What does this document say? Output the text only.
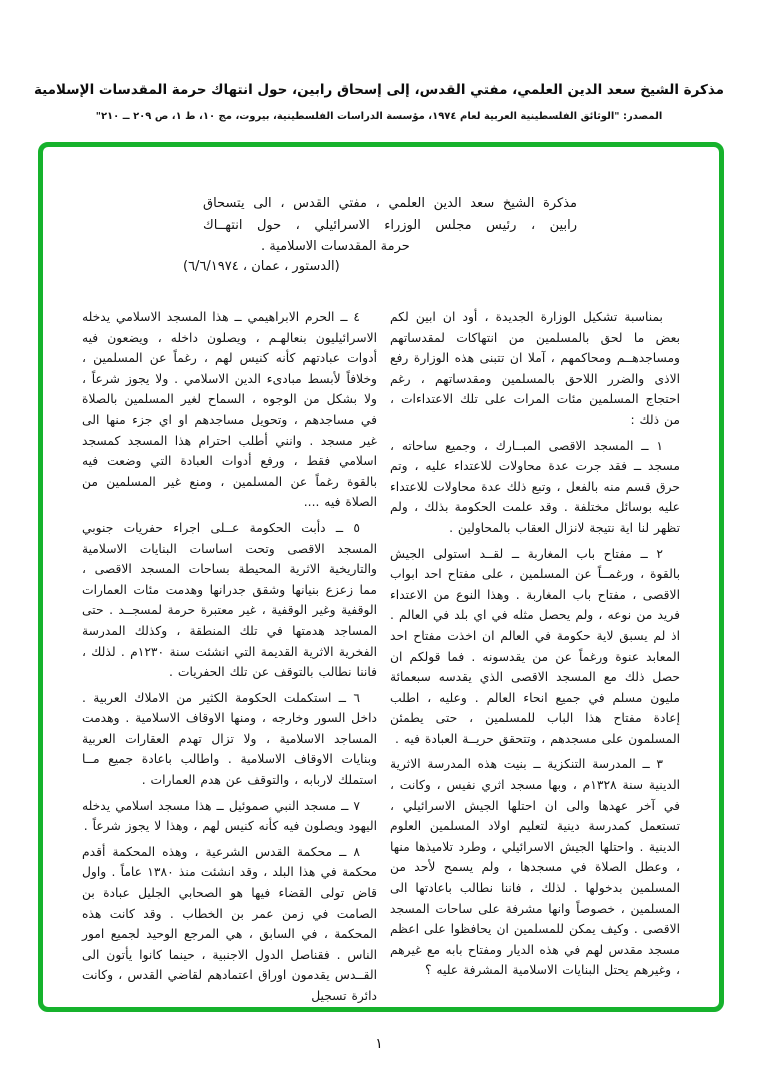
مذكرة الشيخ سعد الدين العلمي، مفتي القدس، إلى إسحاق رابين، حول انتهاك حرمة المقدسات الإسلامية
المصدر: "الوثائق الفلسطينية العربية لعام ١٩٧٤، مؤسسة الدراسات الفلسطينية، بيروت، مج ١٠، ط ١، ص ٢٠٩ ــ ٢١٠"
مذكرة الشيخ سعد الدين العلمي ، مفتي القدس ، الى يتسحاق
رابين ، رئيس مجلس الوزراء الاسرائيلي ، حول انتهــاك
حرمة المقدسات الاسلامية .
(الدستور ، عمان ، ٦/٦/١٩٧٤)

بمناسبة تشكيل الوزارة الجديدة ، أود ان ابين لكم بعض ما لحق بالمسلمين من انتهاكات لمقدساتهم ومساجدهــم ومحاكمهم ، آملا ان تتبنى هذه الوزارة رفع الاذى والضرر اللاحق بالمسلمين ومقدساتهم ، رغم احتجاج المسلمين مئات المرات على تلك الاعتداءات ، من ذلك :

١ ــ المسجد الاقصى المبــارك ، وجميع ساحاته ، مسجد ــ فقد جرت عدة محاولات للاعتداء عليه ، وتم حرق قسم منه بالفعل ، وتبع ذلك عدة محاولات للاعتداء عليه بوسائل مختلفة . وقد علمت الحكومة بذلك ، ولم تظهر لنا اية نتيجة لانزال العقاب بالمحاولين .

٢ ــ مفتاح باب المغاربة ــ لقــد استولى الجيش بالقوة ، ورغمــاً عن المسلمين ، على مفتاح احد ابواب الاقصى ، مفتاح باب المغاربة . وهذا النوع من الاعتداء فريد من نوعه ، ولم يحصل مثله في اي بلد في العالم . اذ لم يسبق لاية حكومة في العالم ان اخذت مفتاح احد المعابد عنوة ورغماً عن من يقدسونه . فما قولكم ان حصل ذلك مع المسجد الاقصى الذي يقدسه سبعمائة مليون مسلم في جميع انحاء العالم . وعليه ، اطلب إعادة مفتاح هذا الباب للمسلمين ، حتى يطمئن المسلمون على مسجدهم ، وتتحقق حريــة العبادة فيه .

٣ ــ المدرسة التنكزية ــ بنيت هذه المدرسة الاثرية الدينية سنة ١٣٢٨م ، وبها مسجد اثري نفيس ، وكانت ، في آخر عهدها والى ان احتلها الجيش الاسرائيلي ، تستعمل كمدرسة دينية لتعليم اولاد المسلمين العلوم الدينية . واحتلها الجيش الاسرائيلي ، وطرد تلاميذها منها ، وعطل الصلاة في مسجدها ، ولم يسمح لأحد من المسلمين بدخولها . لذلك ، فاننا نطالب باعادتها الى المسلمين ، خصوصاً وانها مشرفة على ساحات المسجد الاقصى . وكيف يمكن للمسلمين ان يحافظوا على اعظم مسجد مقدس لهم في هذه الديار ومفتاح بابه مع غيرهم ، وغيرهم يحتل البنايات الاسلامية المشرفة عليه ؟

٤ ــ الحرم الابراهيمي ــ هذا المسجد الاسلامي يدخله الاسرائيليون بنعالهـم ، ويصلون داخله ، ويضعون فيه أدوات عبادتهم كأنه كنيس لهم ، رغماً عن المسلمين ، وخلافاً لأبسط مبادىء الدين الاسلامي . ولا يجوز شرعاً ، ولا بشكل من الوجوه ، السماح لغير المسلمين بالصلاة في مساجدهم ، وتحويل مساجدهم او اي جزء منها الى غير مسجد . وانني أطلب احترام هذا المسجد كمسجد اسلامي فقط ، ورفع أدوات العبادة التي وضعت فيه بالقوة رغماً عن المسلمين ، ومنع غير المسلمين من الصلاة فيه ....

٥ ــ دأبت الحكومة عــلى اجراء حفريات جنوبي المسجد الاقصى وتحت اساسات البنايات الاسلامية والتاريخية الاثرية المحيطة بساحات المسجد الاقصى ، مما زعزع بنيانها وشقق جدرانها وهدمت مئات العمارات الوقفية وغير الوقفية ، غير معتبرة حرمة لمسجــد . حتى المساجد هدمتها في تلك المنطقة ، وكذلك المدرسة الفخرية الاثرية القديمة التي انشئت سنة ١٢٣٠م . لذلك ، فاننا نطالب بالتوقف عن تلك الحفريات .

٦ ــ استكملت الحكومة الكثير من الاملاك العربية . داخل السور وخارجه ، ومنها الاوقاف الاسلامية . وهدمت المساجد الاسلامية ، ولا تزال تهدم العقارات العربية وبنايات الاوقاف الاسلامية . واطالب باعادة جميع مــا استملك لاربابه ، والتوقف عن هدم العمارات .

٧ ــ مسجد النبي صموئيل ــ هذا مسجد اسلامي يدخله اليهود ويصلون فيه كأنه كنيس لهم ، وهذا لا يجوز شرعاً .

٨ ــ محكمة القدس الشرعية ، وهذه المحكمة أقدم محكمة في هذا البلد ، وقد انشئت منذ ١٣٨٠ عاماً . واول قاض تولى القضاء فيها هو الصحابي الجليل عبادة بن الصامت في زمن عمر بن الخطاب . وقد كانت هذه المحكمة ، في السابق ، هي المرجع الوحيد لجميع امور الناس . فقناصل الدول الاجنبية ، حينما كانوا يأتون الى القــدس يقدمون اوراق اعتمادهم لقاضي القدس ، وكانت دائرة تسجيل

١
